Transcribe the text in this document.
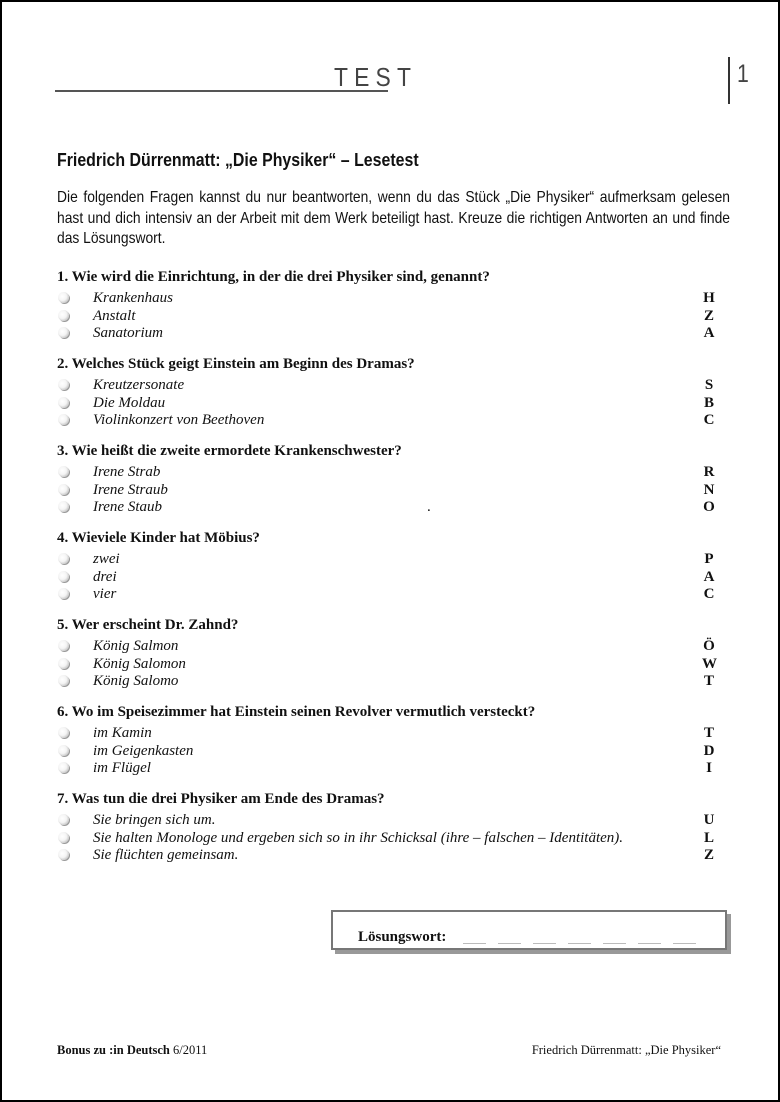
TEST	1
Friedrich Dürrenmatt: „Die Physiker“ – Lesetest
Die folgenden Fragen kannst du nur beantworten, wenn du das Stück „Die Physiker“ aufmerksam gelesen hast und dich intensiv an der Arbeit mit dem Werk beteiligt hast. Kreuze die richtigen Antworten an und finde das Lösungswort.
1. Wie wird die Einrichtung, in der die drei Physiker sind, genannt?
Krankenhaus	H
Anstalt	Z
Sanatorium	A
2. Welches Stück geigt Einstein am Beginn des Dramas?
Kreutzersonate	S
Die Moldau	B
Violinkonzert von Beethoven	C
3. Wie heißt die zweite ermordete Krankenschwester?
Irene Strab	R
Irene Straub	N
Irene Staub	.	O
4. Wieviele Kinder hat Möbius?
zwei	P
drei	A
vier	C
5. Wer erscheint Dr. Zahnd?
König Salmon	Ö
König Salomon	W
König Salomo	T
6. Wo im Speisezimmer hat Einstein seinen Revolver vermutlich versteckt?
im Kamin	T
im Geigenkasten	D
im Flügel	I
7. Was tun die drei Physiker am Ende des Dramas?
Sie bringen sich um.	U
Sie halten Monologe und ergeben sich so in ihr Schicksal (ihre – falschen – Identitäten).	L
Sie flüchten gemeinsam.	Z
Lösungswort:
Bonus zu :in Deutsch 6/2011	Friedrich Dürrenmatt: „Die Physiker“
